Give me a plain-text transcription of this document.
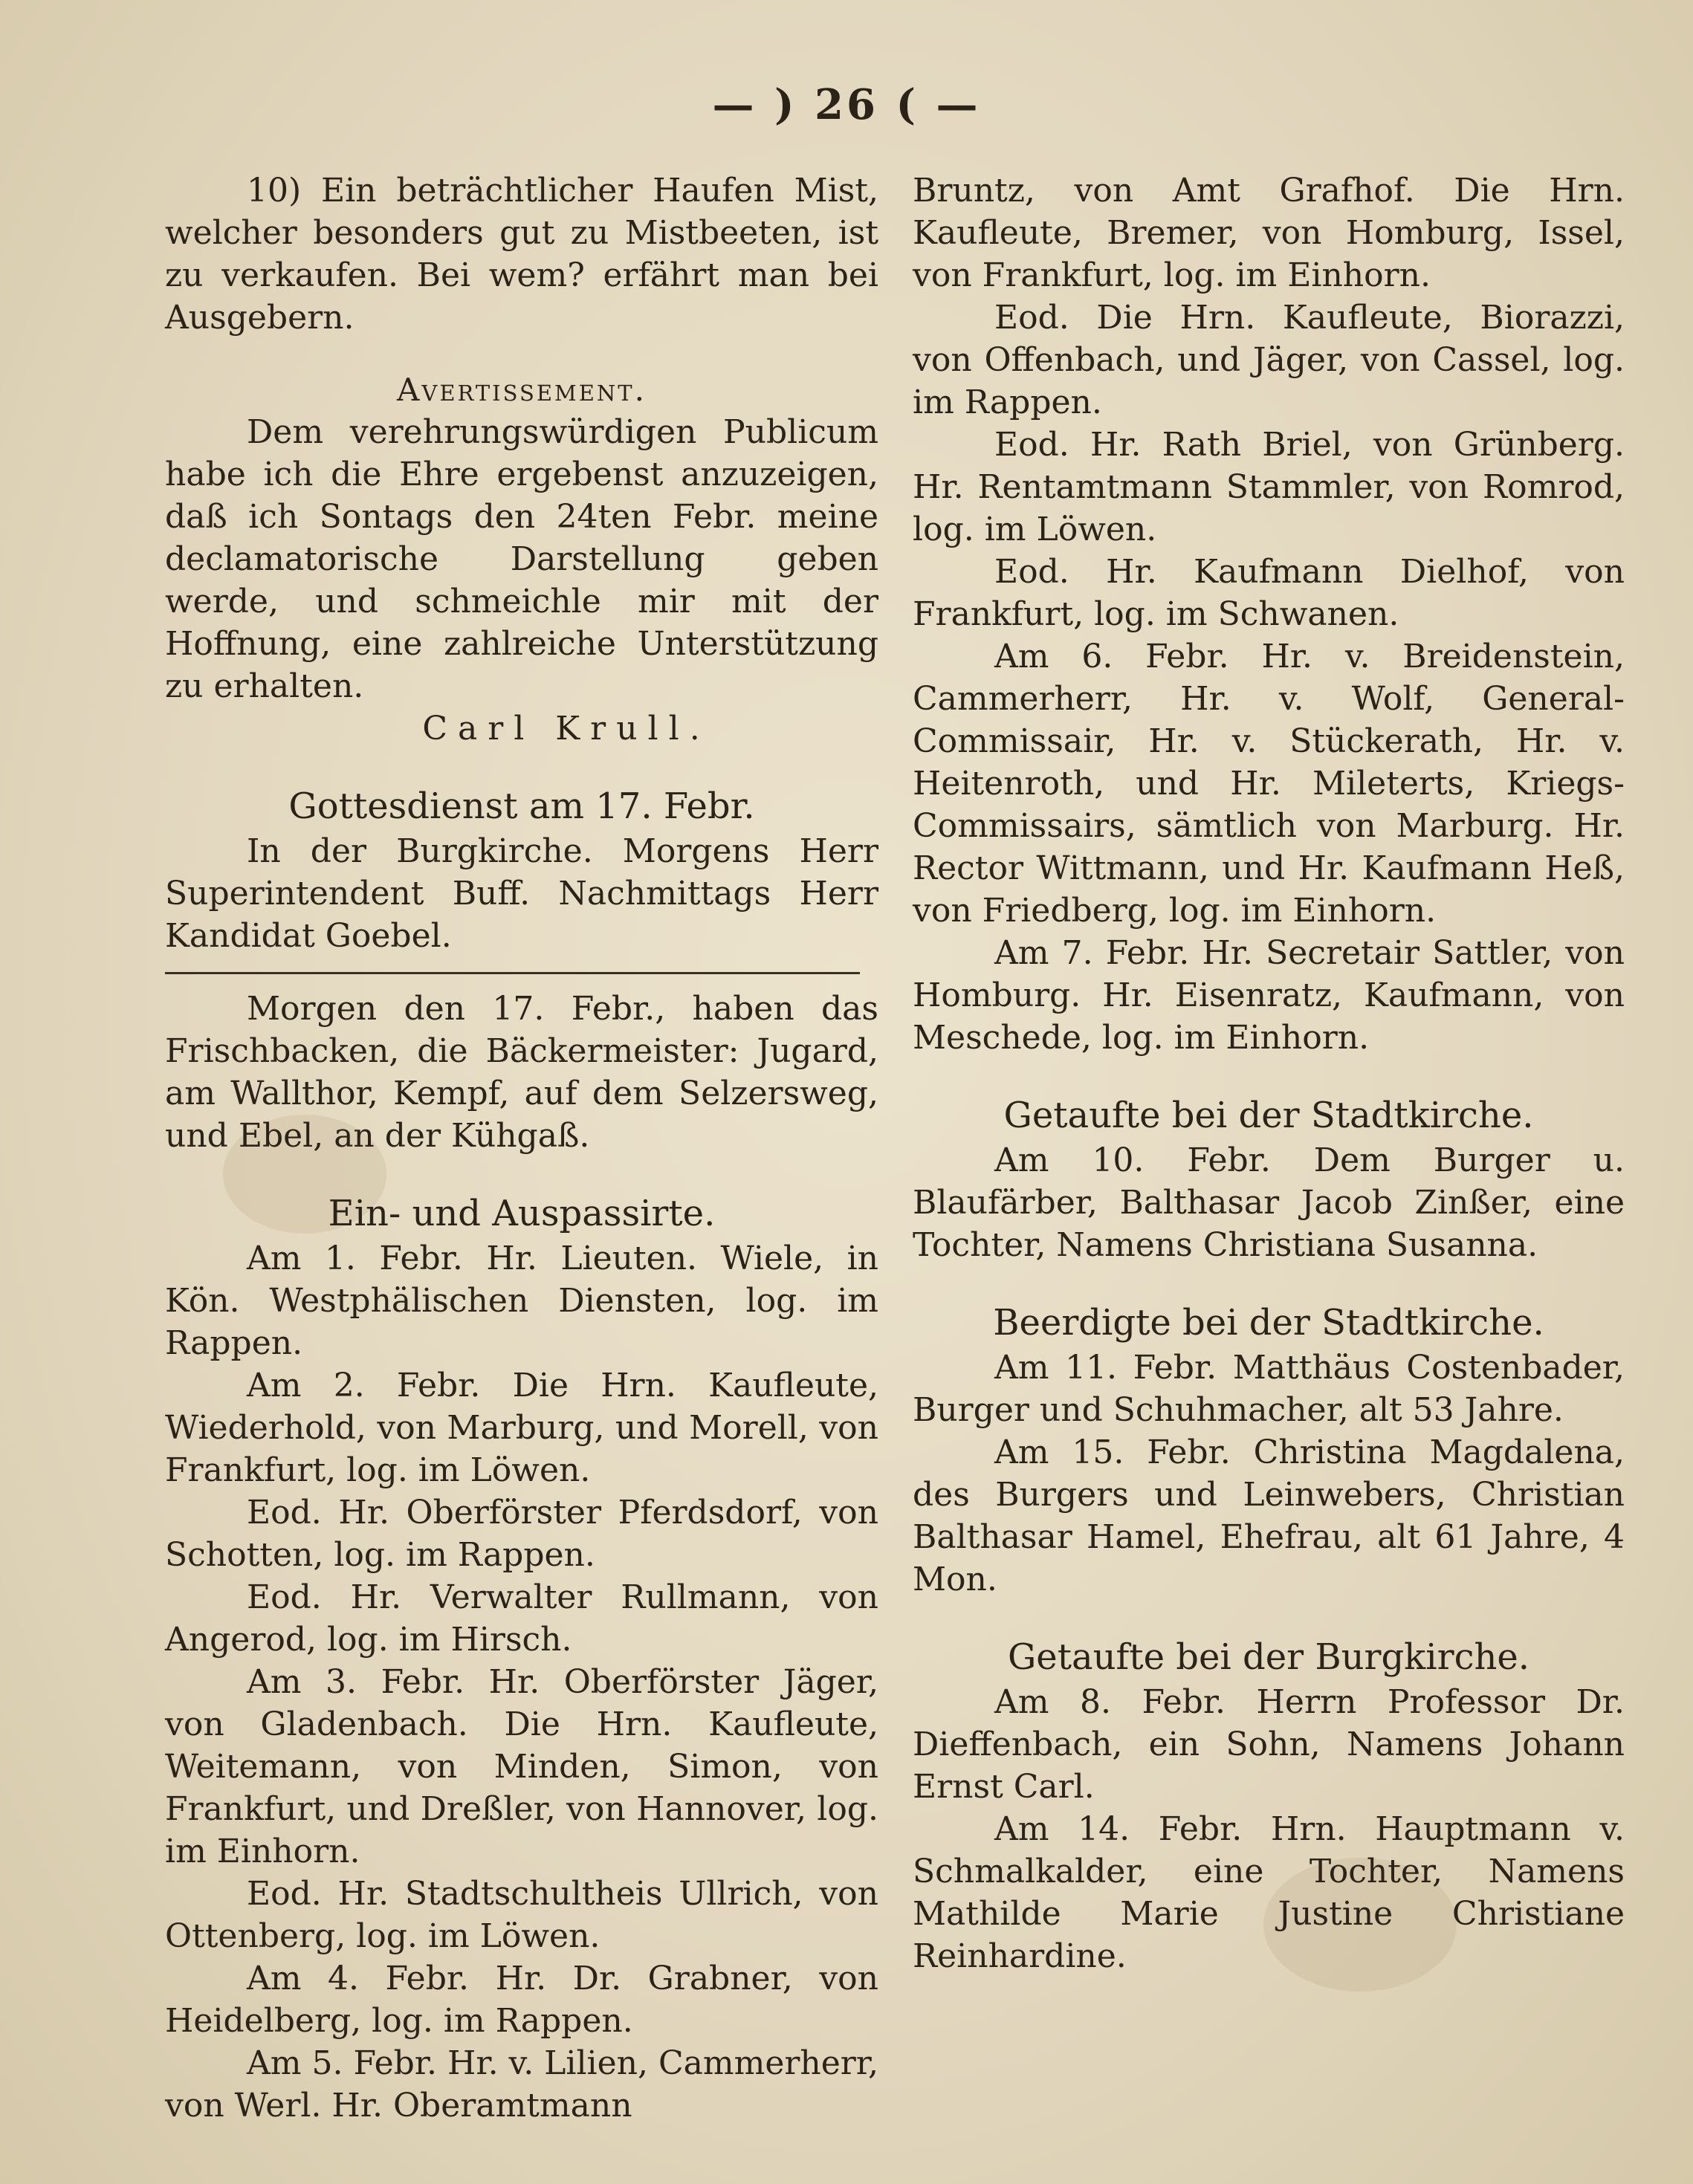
— ) 26 ( —

10) Ein beträchtlicher Haufen Mist, welcher besonders gut zu Mistbeeten, ist zu verkaufen. Bei wem? erfährt man bei Ausgebern.

Avertissement.

Dem verehrungswürdigen Publicum habe ich die Ehre ergebenst anzuzeigen, daß ich Sontags den 24ten Febr. meine declamatorische Darstellung geben werde, und schmeichle mir mit der Hoffnung, eine zahlreiche Unterstützung zu erhalten.

Carl Krull.

Gottesdienst am 17. Febr.

In der Burgkirche. Morgens Herr Superintendent Buff. Nachmittags Herr Kandidat Goebel.

Morgen den 17. Febr., haben das Frischbacken, die Bäckermeister: Jugard, am Wallthor, Kempf, auf dem Selzersweg, und Ebel, an der Kühgaß.

Ein- und Auspassirte.

Am 1. Febr. Hr. Lieuten. Wiele, in Kön. Westphälischen Diensten, log. im Rappen.

Am 2. Febr. Die Hrn. Kaufleute, Wiederhold, von Marburg, und Morell, von Frankfurt, log. im Löwen.

Eod. Hr. Oberförster Pferdsdorf, von Schotten, log. im Rappen.

Eod. Hr. Verwalter Rullmann, von Angerod, log. im Hirsch.

Am 3. Febr. Hr. Oberförster Jäger, von Gladenbach. Die Hrn. Kaufleute, Weitemann, von Minden, Simon, von Frankfurt, und Dreßler, von Hannover, log. im Einhorn.

Eod. Hr. Stadtschultheis Ullrich, von Ottenberg, log. im Löwen.

Am 4. Febr. Hr. Dr. Grabner, von Heidelberg, log. im Rappen.

Am 5. Febr. Hr. v. Lilien, Cammerherr, von Werl. Hr. Oberamtmann

Bruntz, von Amt Grafhof. Die Hrn. Kaufleute, Bremer, von Homburg, Issel, von Frankfurt, log. im Einhorn.

Eod. Die Hrn. Kaufleute, Biorazzi, von Offenbach, und Jäger, von Cassel, log. im Rappen.

Eod. Hr. Rath Briel, von Grünberg. Hr. Rentamtmann Stammler, von Romrod, log. im Löwen.

Eod. Hr. Kaufmann Dielhof, von Frankfurt, log. im Schwanen.

Am 6. Febr. Hr. v. Breidenstein, Cammerherr, Hr. v. Wolf, General-Commissair, Hr. v. Stückerath, Hr. v. Heitenroth, und Hr. Mileterts, Kriegs-Commissairs, sämtlich von Marburg. Hr. Rector Wittmann, und Hr. Kaufmann Heß, von Friedberg, log. im Einhorn.

Am 7. Febr. Hr. Secretair Sattler, von Homburg. Hr. Eisenratz, Kaufmann, von Meschede, log. im Einhorn.

Getaufte bei der Stadtkirche.

Am 10. Febr. Dem Burger u. Blaufärber, Balthasar Jacob Zinßer, eine Tochter, Namens Christiana Susanna.

Beerdigte bei der Stadtkirche.

Am 11. Febr. Matthäus Costenbader, Burger und Schuhmacher, alt 53 Jahre.

Am 15. Febr. Christina Magdalena, des Burgers und Leinwebers, Christian Balthasar Hamel, Ehefrau, alt 61 Jahre, 4 Mon.

Getaufte bei der Burgkirche.

Am 8. Febr. Herrn Professor Dr. Dieffenbach, ein Sohn, Namens Johann Ernst Carl.

Am 14. Febr. Hrn. Hauptmann v. Schmalkalder, eine Tochter, Namens Mathilde Marie Justine Christiane Reinhardine.
